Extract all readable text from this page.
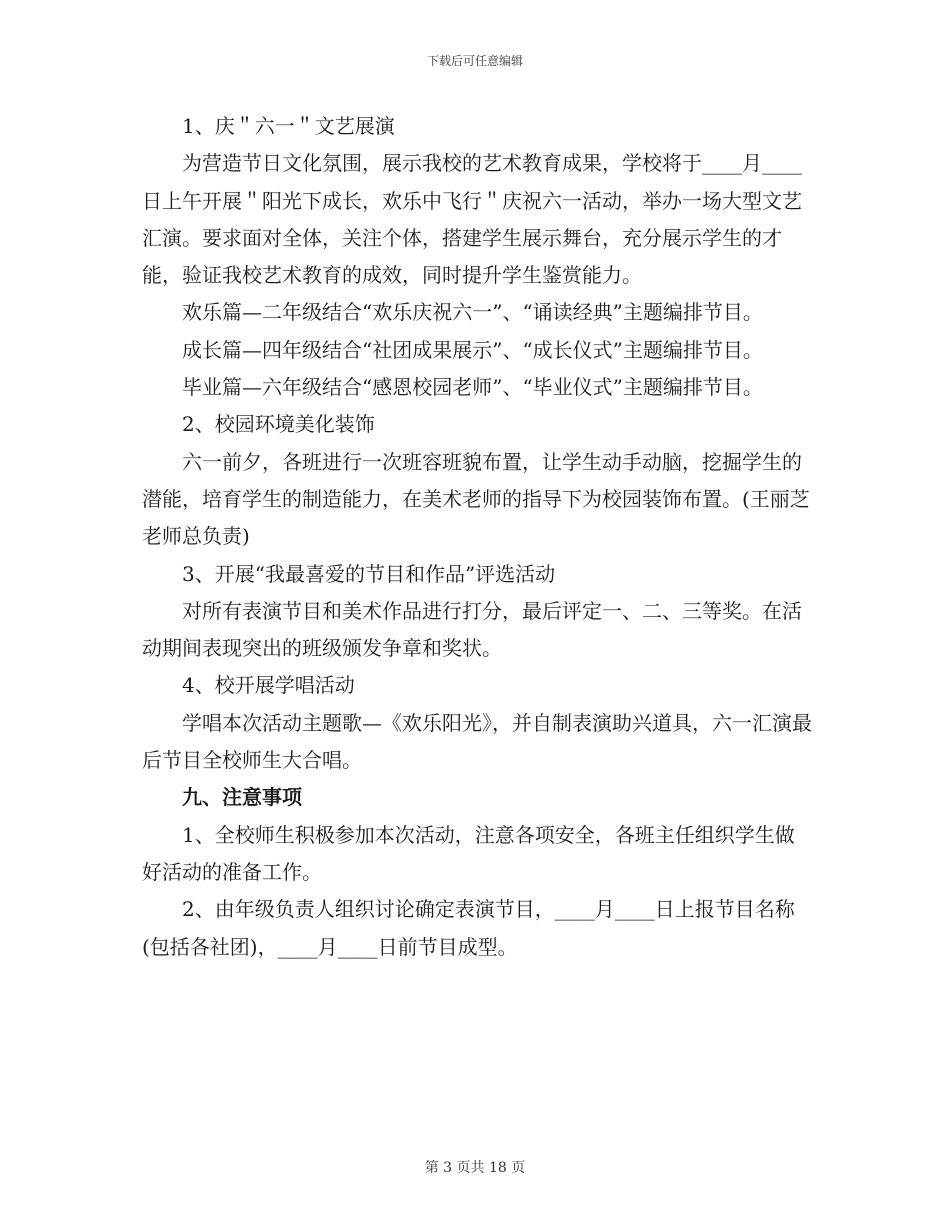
下载后可任意编辑

1、庆＂六一＂文艺展演

为营造节日文化氛围，展示我校的艺术教育成果，学校将于____月____日上午开展＂阳光下成长，欢乐中飞行＂庆祝六一活动，举办一场大型文艺汇演。要求面对全体，关注个体，搭建学生展示舞台，充分展示学生的才能，验证我校艺术教育的成效，同时提升学生鉴赏能力。

欢乐篇—二年级结合“欢乐庆祝六一”、“诵读经典”主题编排节目。

成长篇—四年级结合“社团成果展示”、“成长仪式”主题编排节目。

毕业篇—六年级结合“感恩校园老师”、“毕业仪式”主题编排节目。

2、校园环境美化装饰

六一前夕，各班进行一次班容班貌布置，让学生动手动脑，挖掘学生的潜能，培育学生的制造能力，在美术老师的指导下为校园装饰布置。(王丽芝老师总负责)

3、开展“我最喜爱的节目和作品”评选活动

对所有表演节目和美术作品进行打分，最后评定一、二、三等奖。在活动期间表现突出的班级颁发争章和奖状。

4、校开展学唱活动

学唱本次活动主题歌—《欢乐阳光》，并自制表演助兴道具，六一汇演最后节目全校师生大合唱。

九、注意事项

1、全校师生积极参加本次活动，注意各项安全，各班主任组织学生做好活动的准备工作。

2、由年级负责人组织讨论确定表演节目，____月____日上报节目名称(包括各社团)，____月____日前节目成型。

第 3 页共 18 页
